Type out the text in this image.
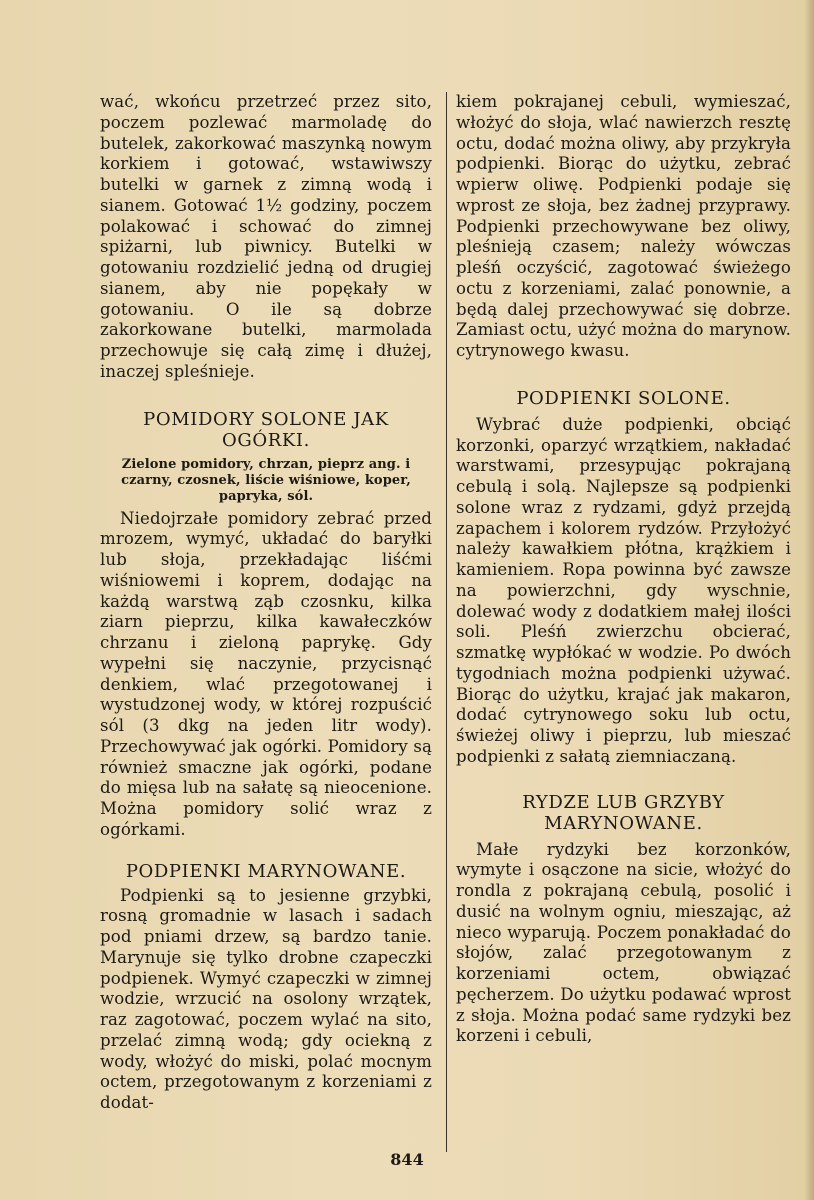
wać, wkońcu przetrzeć przez sito, poczem pozlewać marmoladę do butelek, zakorkować maszynką nowym korkiem i gotować, wstawiwszy butelki w garnek z zimną wodą i sianem. Gotować 1½ godziny, poczem polakować i schować do zimnej spiżarni, lub piwnicy. Butelki w gotowaniu rozdzielić jedną od drugiej sianem, aby nie popękały w gotowaniu. O ile są dobrze zakorkowane butelki, marmolada przechowuje się całą zimę i dłużej, inaczej spleśnieje.

POMIDORY SOLONE JAK OGÓRKI.
Zielone pomidory, chrzan, pieprz ang. i czarny, czosnek, liście wiśniowe, koper, papryka, sól.

Niedojrzałe pomidory zebrać przed mrozem, wymyć, układać do baryłki lub słoja, przekładając liśćmi wiśniowemi i koprem, dodając na każdą warstwą ząb czosnku, kilka ziarn pieprzu, kilka kawałeczków chrzanu i zieloną paprykę. Gdy wypełni się naczynie, przycisnąć denkiem, wlać przegotowanej i wystudzonej wody, w której rozpuścić sól (3 dkg na jeden litr wody). Przechowywać jak ogórki. Pomidory są również smaczne jak ogórki, podane do mięsa lub na sałatę są nieocenione. Można pomidory solić wraz z ogórkami.

PODPIENKI MARYNOWANE.

Podpienki są to jesienne grzybki, rosną gromadnie w lasach i sadach pod pniami drzew, są bardzo tanie. Marynuje się tylko drobne czapeczki podpienek. Wymyć czapeczki w zimnej wodzie, wrzucić na osolony wrzątek, raz zagotować, poczem wylać na sito, przelać zimną wodą; gdy ociekną z wody, włożyć do miski, polać mocnym octem, przegotowanym z korzeniami z dodat-

kiem pokrajanej cebuli, wymieszać, włożyć do słoja, wlać nawierzch resztę octu, dodać można oliwy, aby przykryła podpienki. Biorąc do użytku, zebrać wpierw oliwę. Podpienki podaje się wprost ze słoja, bez żadnej przyprawy. Podpienki przechowywane bez oliwy, pleśnieją czasem; należy wówczas pleśń oczyścić, zagotować świeżego octu z korzeniami, zalać ponownie, a będą dalej przechowywać się dobrze. Zamiast octu, użyć można do marynow. cytrynowego kwasu.

PODPIENKI SOLONE.

Wybrać duże podpienki, obciąć korzonki, oparzyć wrzątkiem, nakładać warstwami, przesypując pokrajaną cebulą i solą. Najlepsze są podpienki solone wraz z rydzami, gdyż przejdą zapachem i kolorem rydzów. Przyłożyć należy kawałkiem płótna, krążkiem i kamieniem. Ropa powinna być zawsze na powierzchni, gdy wyschnie, dolewać wody z dodatkiem małej ilości soli. Pleśń zwierzchu obcierać, szmatkę wypłókać w wodzie. Po dwóch tygodniach można podpienki używać. Biorąc do użytku, krajać jak makaron, dodać cytrynowego soku lub octu, świeżej oliwy i pieprzu, lub mieszać podpienki z sałatą ziemniaczaną.

RYDZE LUB GRZYBY MARYNOWANE.

Małe rydzyki bez korzonków, wymyte i osączone na sicie, włożyć do rondla z pokrajaną cebulą, posolić i dusić na wolnym ogniu, mieszając, aż nieco wyparują. Poczem ponakładać do słojów, zalać przegotowanym z korzeniami octem, obwiązać pęcherzem. Do użytku podawać wprost z słoja. Można podać same rydzyki bez korzeni i cebuli,

844
